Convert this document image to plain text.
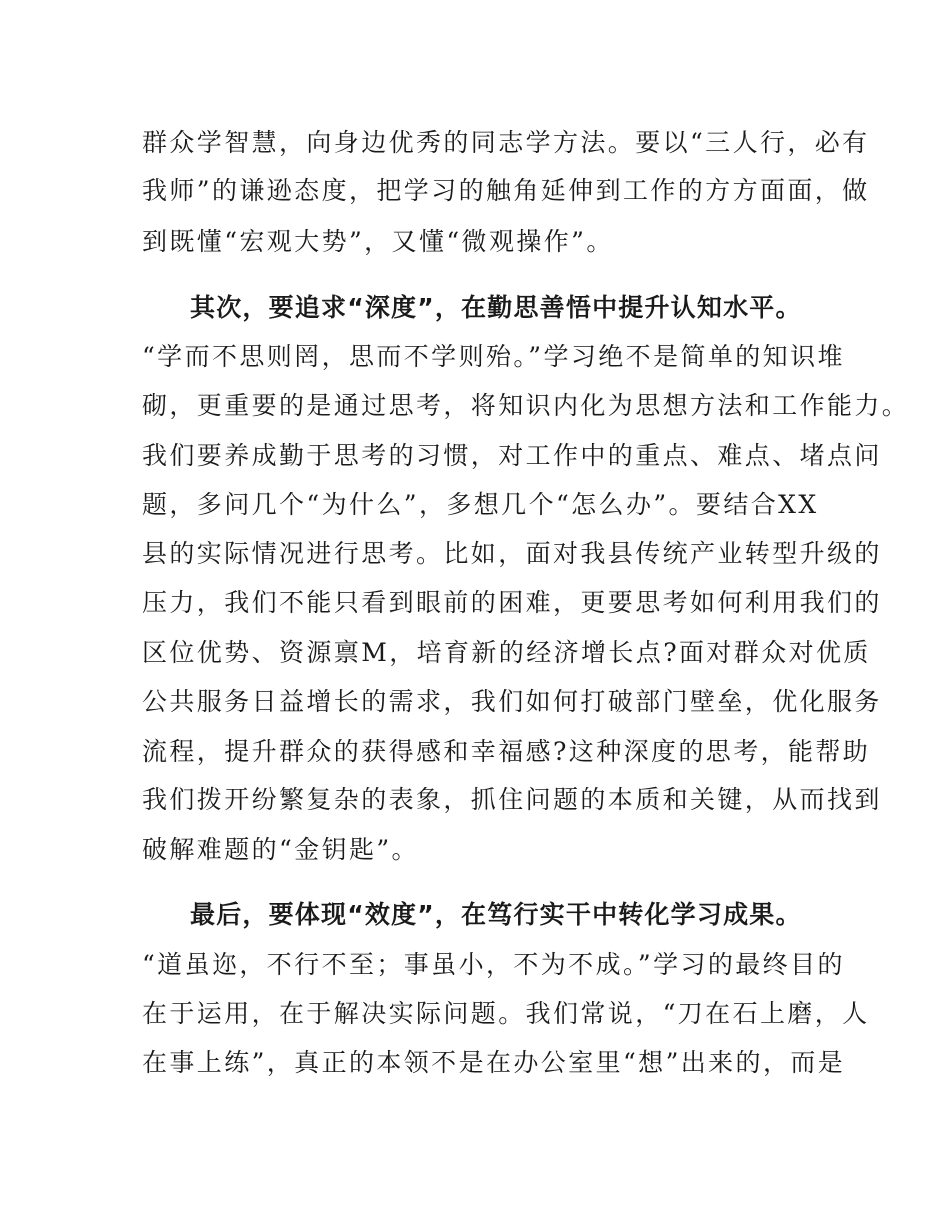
群众学智慧，向身边优秀的同志学方法。要以“三人行，必有
我师”的谦逊态度，把学习的触角延伸到工作的方方面面，做
到既懂“宏观大势”，又懂“微观操作”。
其次，要追求“深度”，在勤思善悟中提升认知水平。
“学而不思则罔，思而不学则殆。”学习绝不是简单的知识堆
砌，更重要的是通过思考，将知识内化为思想方法和工作能力。
我们要养成勤于思考的习惯，对工作中的重点、难点、堵点问
题，多问几个“为什么”，多想几个“怎么办”。要结合XX
县的实际情况进行思考。比如，面对我县传统产业转型升级的
压力，我们不能只看到眼前的困难，更要思考如何利用我们的
区位优势、资源禀M，培育新的经济增长点?面对群众对优质
公共服务日益增长的需求，我们如何打破部门壁垒，优化服务
流程，提升群众的获得感和幸福感?这种深度的思考，能帮助
我们拨开纷繁复杂的表象，抓住问题的本质和关键，从而找到
破解难题的“金钥匙”。
最后，要体现“效度”，在笃行实干中转化学习成果。
“道虽迩，不行不至；事虽小，不为不成。”学习的最终目的
在于运用，在于解决实际问题。我们常说，“刀在石上磨，人
在事上练”，真正的本领不是在办公室里“想”出来的，而是
